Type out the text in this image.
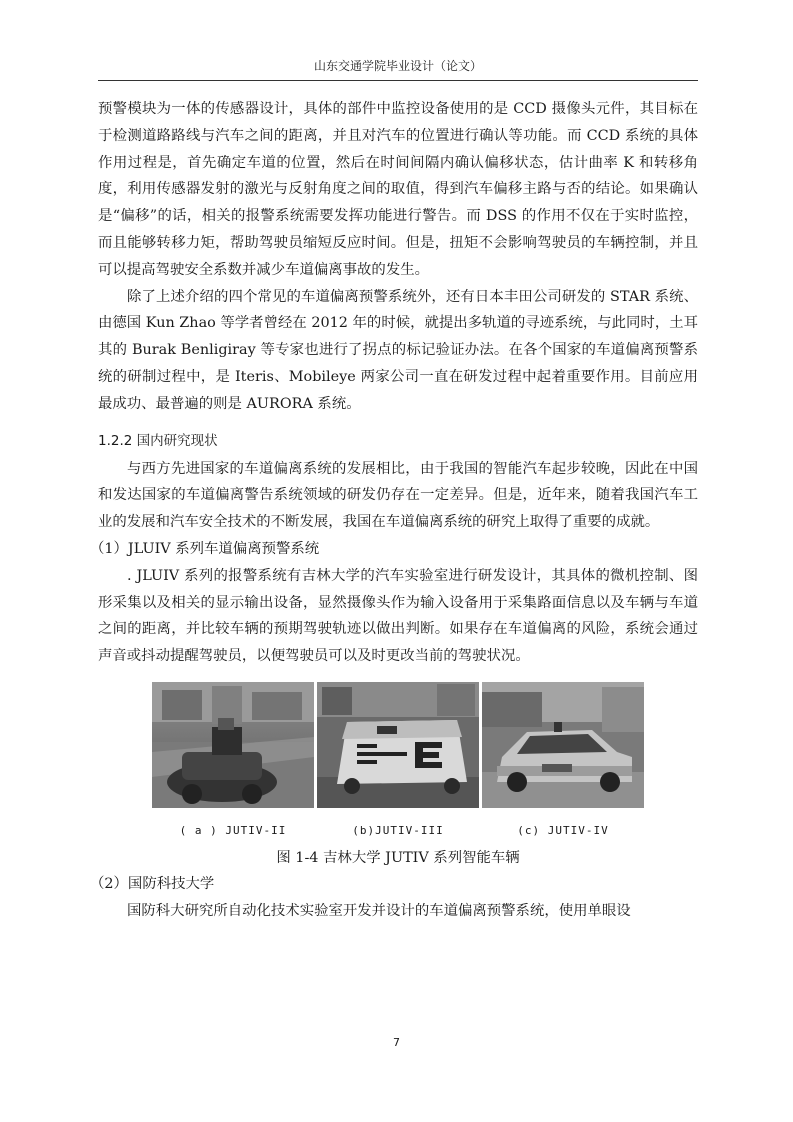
山东交通学院毕业设计（论文）

预警模块为一体的传感器设计，具体的部件中监控设备使用的是 CCD 摄像头元件，其目标在于检测道路路线与汽车之间的距离，并且对汽车的位置进行确认等功能。而 CCD 系统的具体作用过程是，首先确定车道的位置，然后在时间间隔内确认偏移状态，估计曲率 K 和转移角度，利用传感器发射的激光与反射角度之间的取值，得到汽车偏移主路与否的结论。如果确认是“偏移”的话，相关的报警系统需要发挥功能进行警告。而 DSS 的作用不仅在于实时监控，而且能够转移力矩，帮助驾驶员缩短反应时间。但是，扭矩不会影响驾驶员的车辆控制，并且可以提高驾驶安全系数并减少车道偏离事故的发生。

除了上述介绍的四个常见的车道偏离预警系统外，还有日本丰田公司研发的 STAR 系统、由德国 Kun Zhao 等学者曾经在 2012 年的时候，就提出多轨道的寻迹系统，与此同时，土耳其的 Burak Benligiray 等专家也进行了拐点的标记验证办法。在各个国家的车道偏离预警系统的研制过程中，是 Iteris、Mobileye 两家公司一直在研发过程中起着重要作用。目前应用最成功、最普遍的则是 AURORA 系统。

1.2.2 国内研究现状

与西方先进国家的车道偏离系统的发展相比，由于我国的智能汽车起步较晚，因此在中国和发达国家的车道偏离警告系统领域的研发仍存在一定差异。但是，近年来，随着我国汽车工业的发展和汽车安全技术的不断发展，我国在车道偏离系统的研究上取得了重要的成就。

（1）JLUIV 系列车道偏离预警系统

. JLUIV 系列的报警系统有吉林大学的汽车实验室进行研发设计，其具体的微机控制、图形采集以及相关的显示输出设备，显然摄像头作为输入设备用于采集路面信息以及车辆与车道之间的距离，并比较车辆的预期驾驶轨迹以做出判断。如果存在车道偏离的风险，系统会通过声音或抖动提醒驾驶员，以便驾驶员可以及时更改当前的驾驶状况。

( a ) JUTIV-II	(b)JUTIV-III	(c) JUTIV-IV
图 1-4 吉林大学 JUTIV 系列智能车辆

（2）国防科技大学

国防科大研究所自动化技术实验室开发并设计的车道偏离预警系统，使用单眼设

7
